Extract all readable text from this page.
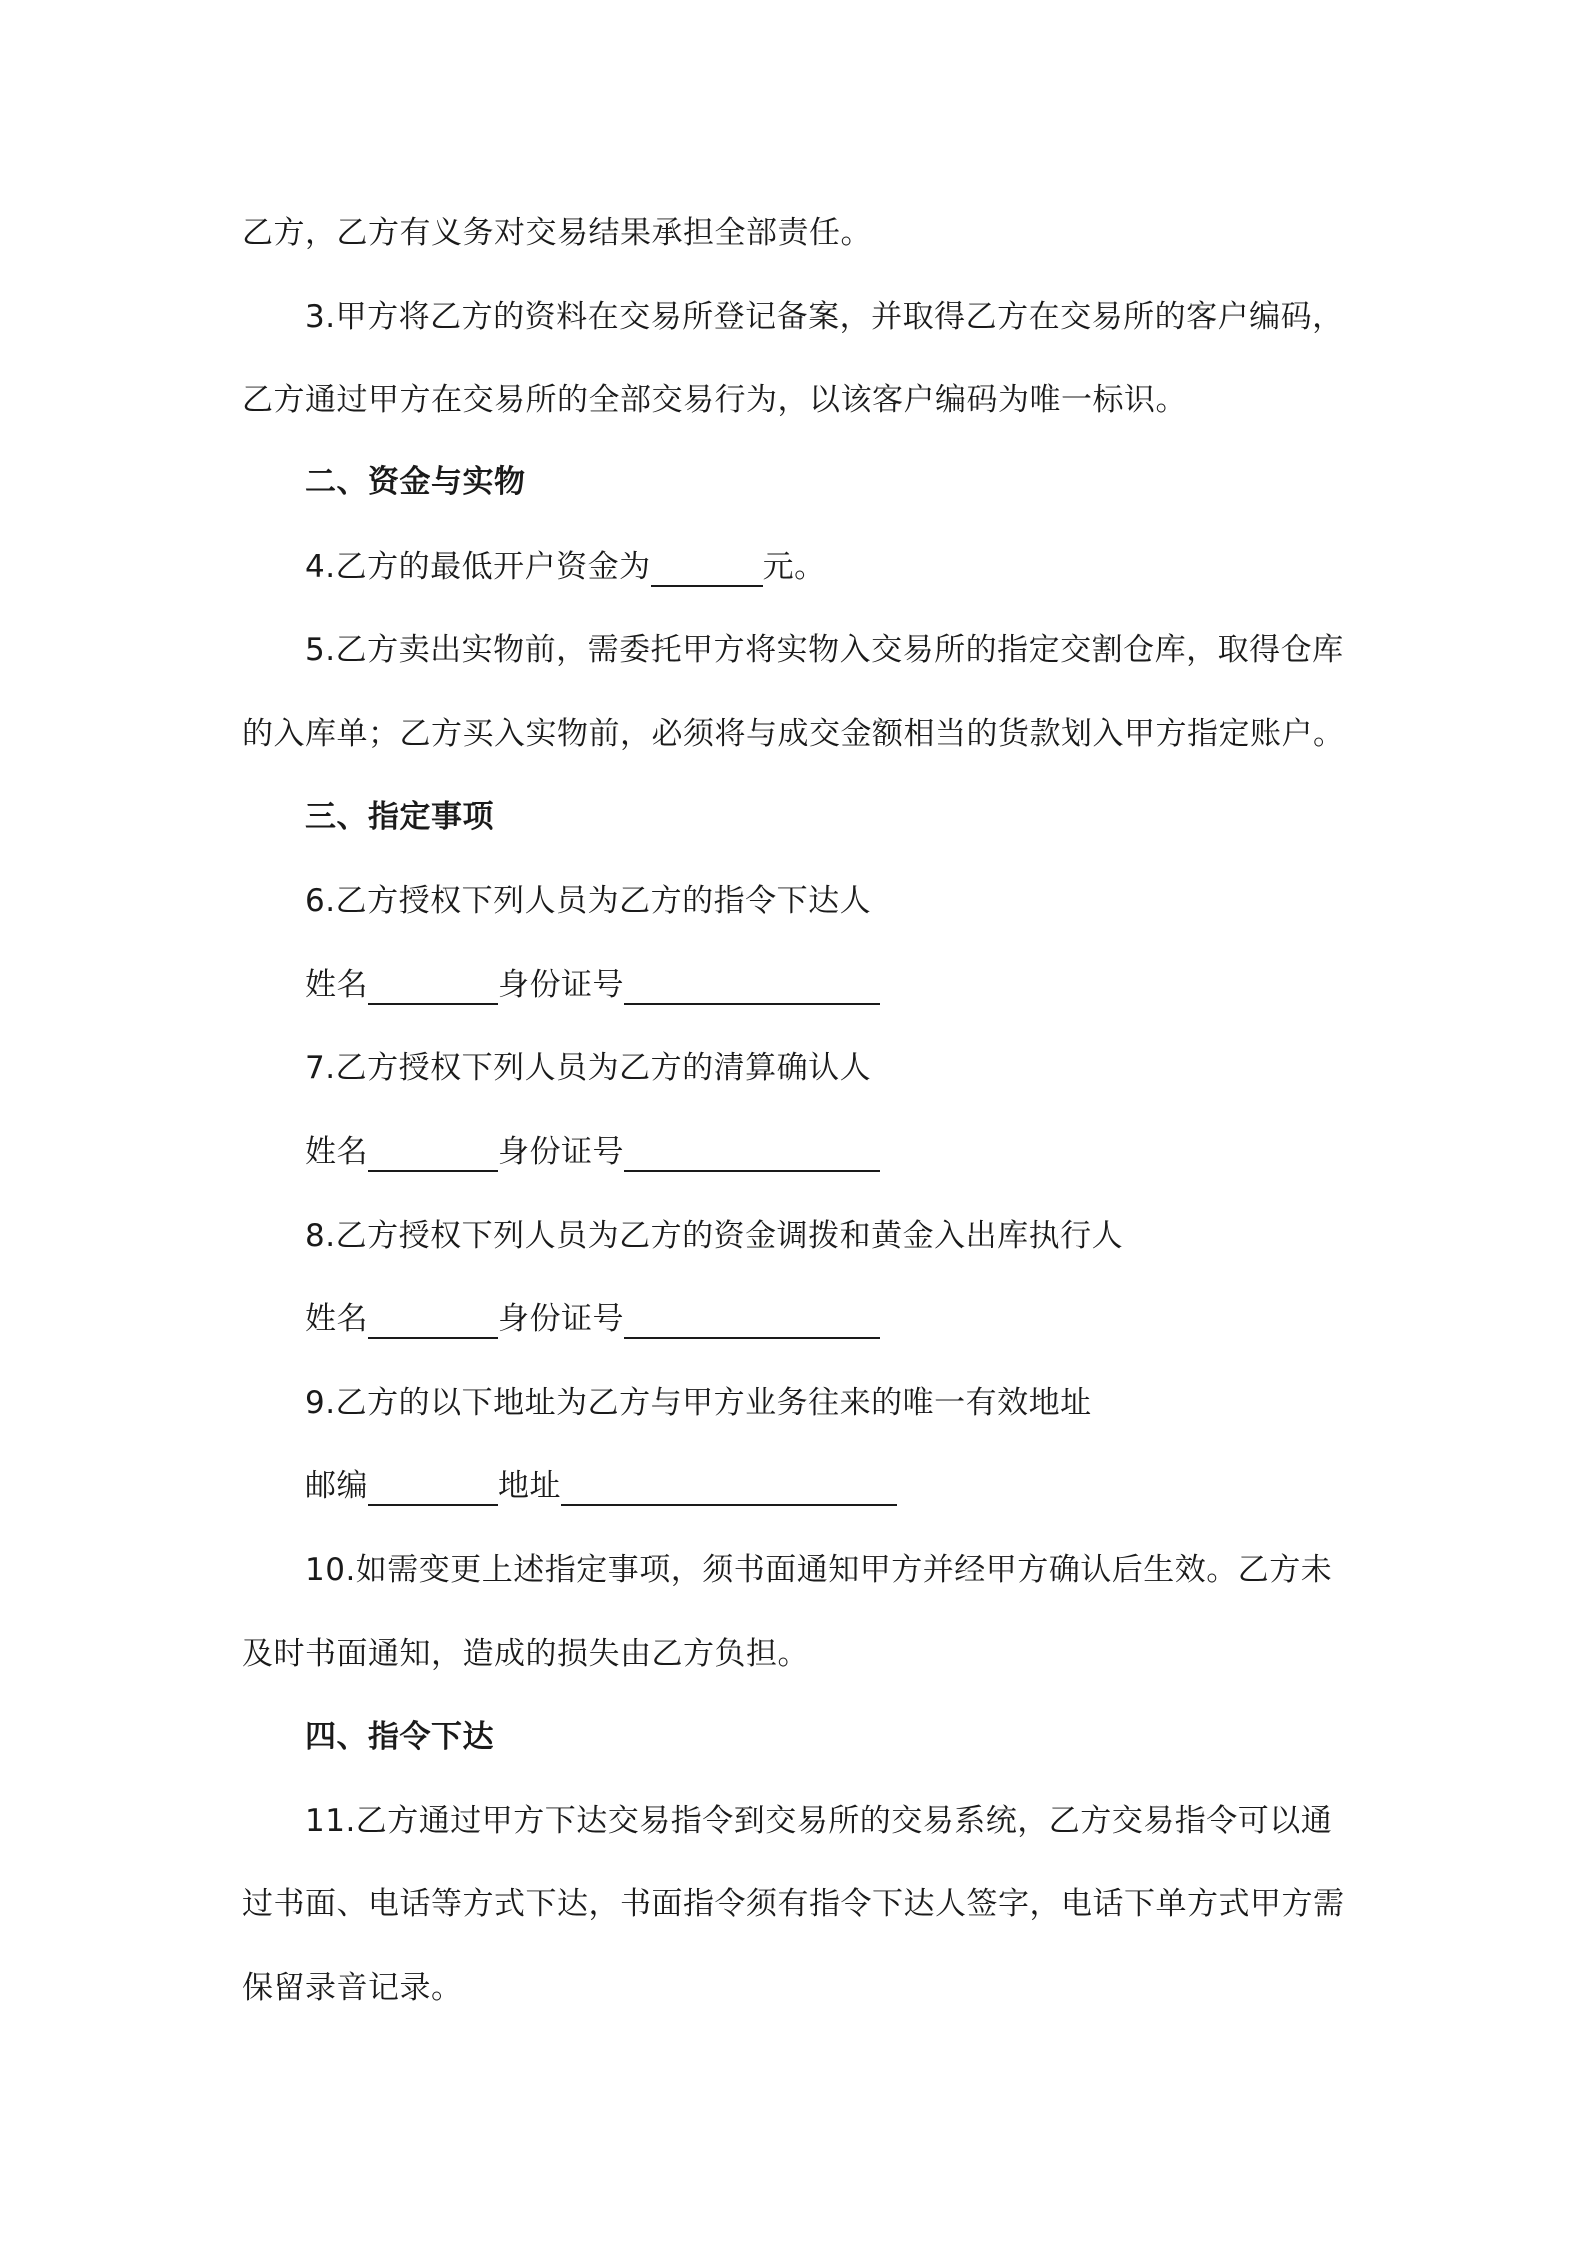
乙方，乙方有义务对交易结果承担全部责任。
3.甲方将乙方的资料在交易所登记备案，并取得乙方在交易所的客户编码，
乙方通过甲方在交易所的全部交易行为，以该客户编码为唯一标识。
二、资金与实物
4.乙方的最低开户资金为	元。
5.乙方卖出实物前，需委托甲方将实物入交易所的指定交割仓库，取得仓库
的入库单；乙方买入实物前，必须将与成交金额相当的货款划入甲方指定账户。
三、指定事项
6.乙方授权下列人员为乙方的指令下达人
姓名	身份证号
7.乙方授权下列人员为乙方的清算确认人
姓名	身份证号
8.乙方授权下列人员为乙方的资金调拨和黄金入出库执行人
姓名	身份证号
9.乙方的以下地址为乙方与甲方业务往来的唯一有效地址
邮编	地址
10.如需变更上述指定事项，须书面通知甲方并经甲方确认后生效。乙方未
及时书面通知，造成的损失由乙方负担。
四、指令下达
11.乙方通过甲方下达交易指令到交易所的交易系统，乙方交易指令可以通
过书面、电话等方式下达，书面指令须有指令下达人签字，电话下单方式甲方需
保留录音记录。
